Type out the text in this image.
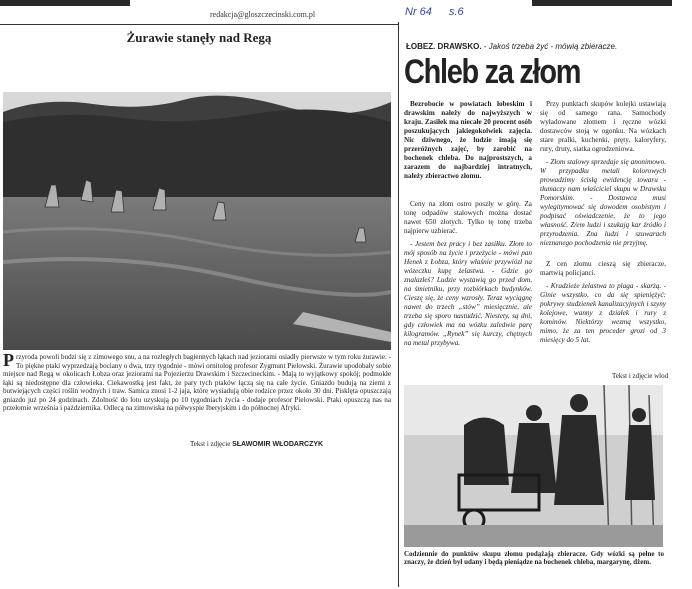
redakcja@gloszczecinski.com.pl	Nr 64 s.6
Żurawie stanęły nad Regą
Przyroda powoli budzi się z zimowego snu, a na rozległych bagiennych łąkach nad jeziorami osiadły pierwsze w tym roku żurawie. - To piękne ptaki wyprzedzają bociany o dwa, trzy tygodnie - mówi ornitolog profesor Zygmunt Pielowski. Żurawie upodobały sobie miejsce nad Regą w okolicach Łobza oraz jeziorami na Pojezierzu Drawskim i Szczecineckim. - Mają to wyjątkowy spokój; podmokłe łąki są niedostępne dla człowieka. Ciekawostką jest fakt, że pary tych ptaków łączą się na całe życie. Gniazdo budują na ziemi z butwiejących części roślin wodnych i traw. Samica znosi 1-2 jaja, które wysiadują obie rodzice przez około 30 dni. Pisklęta opuszczają gniazdo już po 24 godzinach. Zdolność do lotu uzyskują po 10 tygodniach życia - dodaje profesor Pielowski. Ptaki opuszczą nas na przełomie września i października. Odlecą na zimowiska na półwyspie Iberyjskim i do północnej Afryki.
Tekst i zdjęcie SŁAWOMIR WŁODARCZYK
ŁOBEZ. DRAWSKO. - Jakoś trzeba żyć - mówią zbieracze.
Chleb za złom

Bezrobocie w powiatach łobeskim i drawskim należy do najwyższych w kraju. Zasiłek ma niecałe 20 procent osób poszukujących jakiegokolwiek zajęcia. Nic dziwnego, że ludzie imają się przeróżnych zajęć, by zarobić na bochenek chleba. Do najprostszych, a zarazem do najbardziej intratnych, należy zbieractwo złomu.

Ceny na złom ostro poszły w górę. Za tonę odpadów stalowych można dostać nawet 650 złotych. Tylko tę tonę trzeba najpierw uzbierać.

- Jestem bez pracy i bez zasiłku. Złom to mój sposób na życie i przeżycie - mówi pan Henek z Łobza, który właśnie przywiózł na wózeczku kupę żelastwa. - Gdzie go znalazłeś? Ludzie wystawią go przed dom, na śmietniku, przy rozbiórkach budynków. Cieszę się, że ceny wzrosły. Teraz wyciągnę nawet do trzech „stów” miesięcznie, ale trzeba się sporo nastudzić. Niestety, są dni, gdy człowiek ma na wózku zaledwie parę kilogramów. „Rynek” się kurczy, chętnych na metal przybywa.

Przy punktach skupów kolejki ustawiają się od samego rana. Samochody wyładowane złomem i ręczne wózki dostawców stoją w ogonku. Na wózkach stare pralki, kuchenki, pręty, kaloryfery, rury, druty, siatka ogrodzeniowa.

- Złom stalowy sprzedaje się anonimowo. W przypadku metali kolorowych prowadzimy ścisłą ewidencję towaru - tłumaczy nam właściciel skupu w Drawsku Pomorskim. - Dostawca musi wylegitymować się dowodem osobistym i podpisać oświadczenie, że to jego własność. Z/em ludzi i szukają kar źródło i przyrodzenia. Zna ludzi i szuwarach nieznanego pochodzenia nie przyjmę.

Z cen złomu cieszą się zbieracze, martwią policjanci.

- Kradzieże żelastwa to plaga - skarżą. - Ginie wszystko, co da się spieniężyć: pokrywy studzienek kanalizacyjnych i szyny kolejowe, wanny z działek i rury z kominów. Niektórzy wezmą wszystko, mimo, że za ten proceder grozi od 3 miesięcy do 5 lat.

Tekst i zdjęcie wlod
Codziennie do punktów skupu złomu podążają zbieracze. Gdy wózki są pełne to znaczy, że dzień był udany i będą pieniądze na bochenek chleba, margarynę, dżem.
